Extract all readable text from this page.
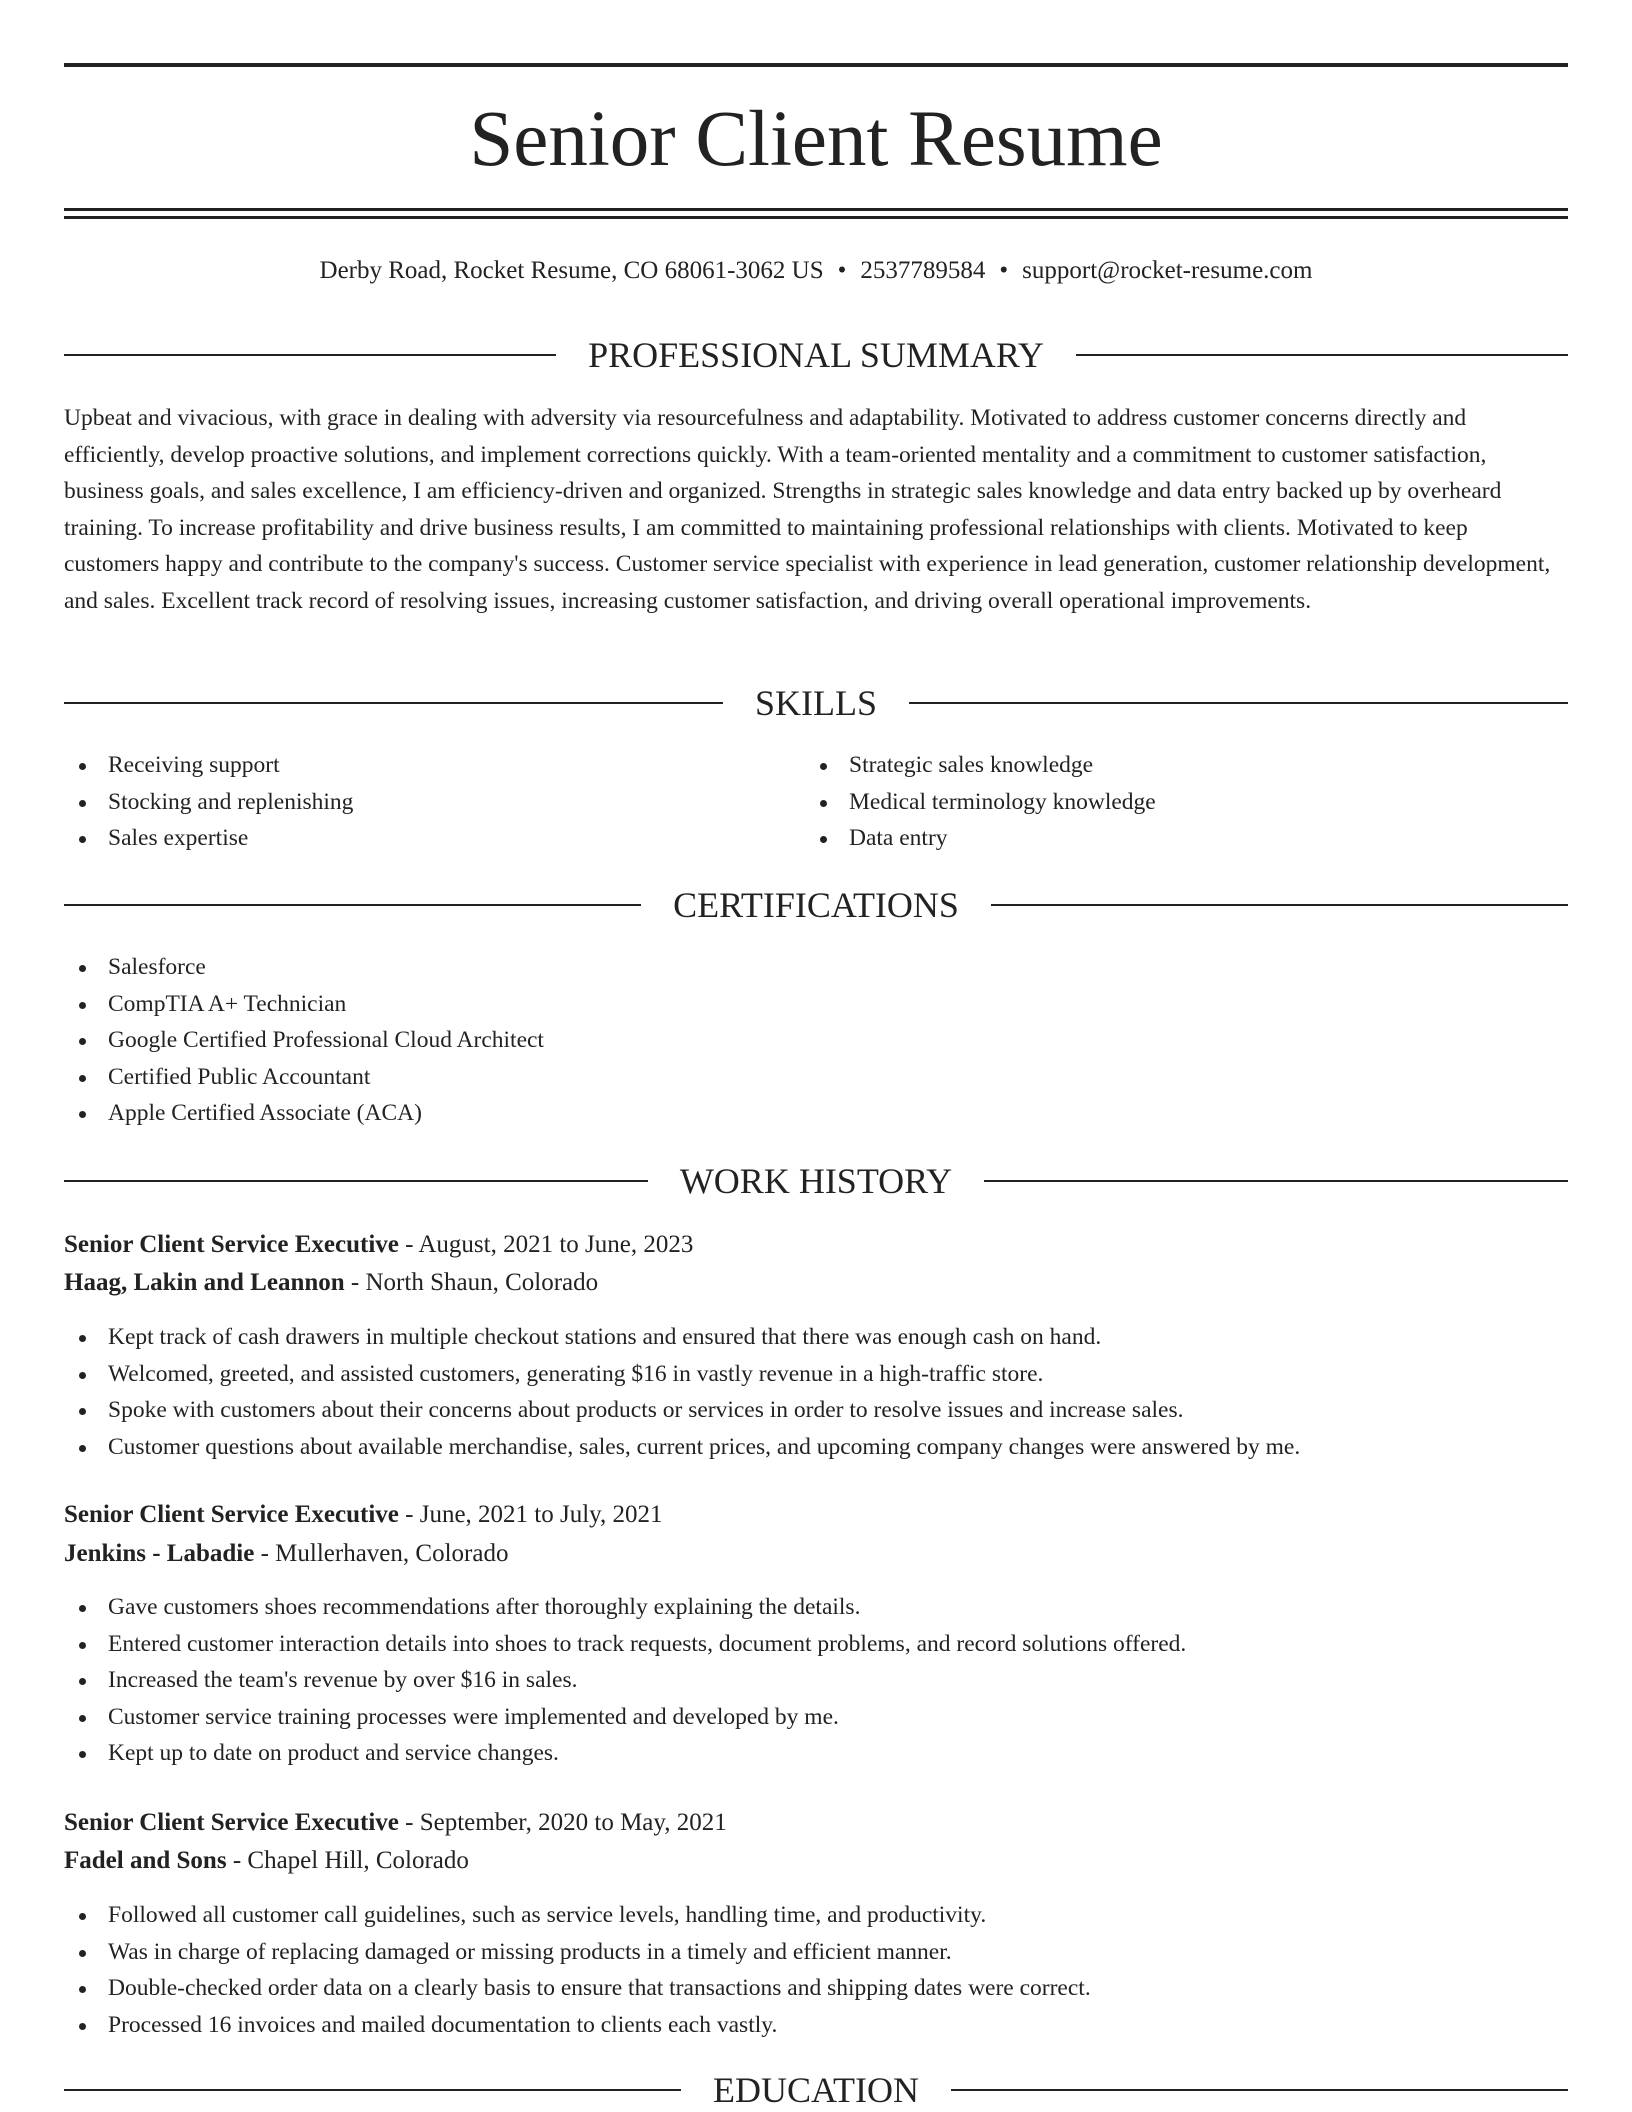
Senior Client Resume
Derby Road, Rocket Resume, CO 68061-3062 US • 2537789584 • support@rocket-resume.com
PROFESSIONAL SUMMARY

Upbeat and vivacious, with grace in dealing with adversity via resourcefulness and adaptability. Motivated to address customer concerns directly and efficiently, develop proactive solutions, and implement corrections quickly. With a team-oriented mentality and a commitment to customer satisfaction, business goals, and sales excellence, I am efficiency-driven and organized. Strengths in strategic sales knowledge and data entry backed up by overheard training. To increase profitability and drive business results, I am committed to maintaining professional relationships with clients. Motivated to keep customers happy and contribute to the company's success. Customer service specialist with experience in lead generation, customer relationship development, and sales. Excellent track record of resolving issues, increasing customer satisfaction, and driving overall operational improvements.

SKILLS
Receiving support
Stocking and replenishing
Sales expertise
Strategic sales knowledge
Medical terminology knowledge
Data entry
CERTIFICATIONS
Salesforce
CompTIA A+ Technician
Google Certified Professional Cloud Architect
Certified Public Accountant
Apple Certified Associate (ACA)
WORK HISTORY
Senior Client Service Executive - August, 2021 to June, 2023
Haag, Lakin and Leannon - North Shaun, Colorado
Kept track of cash drawers in multiple checkout stations and ensured that there was enough cash on hand.
Welcomed, greeted, and assisted customers, generating $16 in vastly revenue in a high-traffic store.
Spoke with customers about their concerns about products or services in order to resolve issues and increase sales.
Customer questions about available merchandise, sales, current prices, and upcoming company changes were answered by me.
Senior Client Service Executive - June, 2021 to July, 2021
Jenkins - Labadie - Mullerhaven, Colorado
Gave customers shoes recommendations after thoroughly explaining the details.
Entered customer interaction details into shoes to track requests, document problems, and record solutions offered.
Increased the team's revenue by over $16 in sales.
Customer service training processes were implemented and developed by me.
Kept up to date on product and service changes.
Senior Client Service Executive - September, 2020 to May, 2021
Fadel and Sons - Chapel Hill, Colorado
Followed all customer call guidelines, such as service levels, handling time, and productivity.
Was in charge of replacing damaged or missing products in a timely and efficient manner.
Double-checked order data on a clearly basis to ensure that transactions and shipping dates were correct.
Processed 16 invoices and mailed documentation to clients each vastly.
EDUCATION
